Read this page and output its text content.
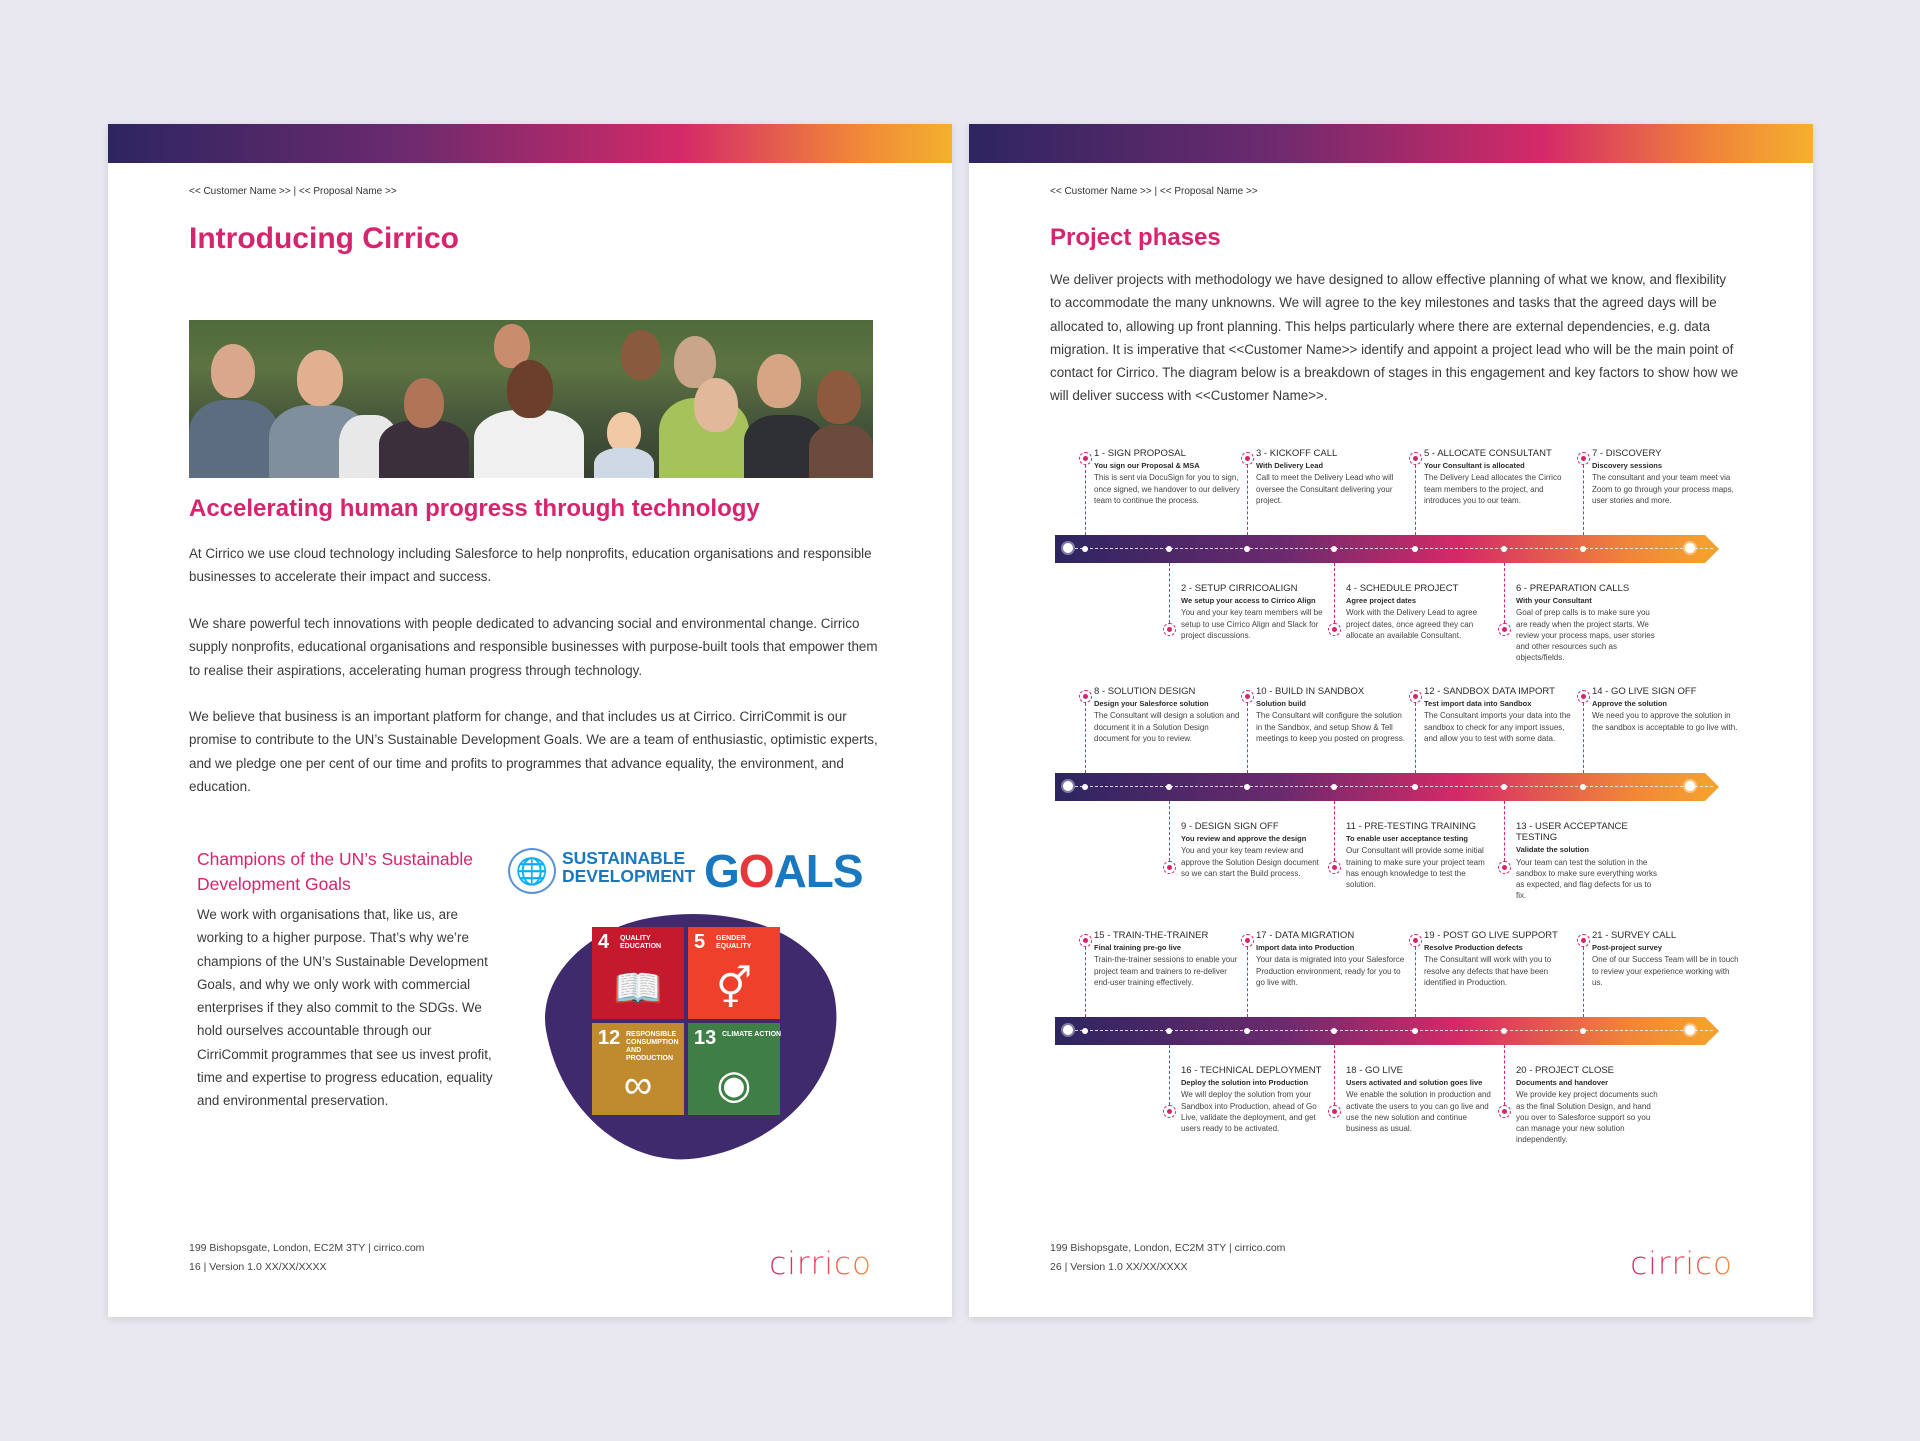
<< Customer Name >> | << Proposal Name >>
Introducing Cirrico
Accelerating human progress through technology
At Cirrico we use cloud technology including Salesforce to help nonprofits, education organisations and responsible businesses to accelerate their impact and success.
We share powerful tech innovations with people dedicated to advancing social and environmental change. Cirrico supply nonprofits, educational organisations and responsible businesses with purpose-built tools that empower them to realise their aspirations, accelerating human progress through technology.
We believe that business is an important platform for change, and that includes us at Cirrico. CirriCommit is our promise to contribute to the UN’s Sustainable Development Goals. We are a team of enthusiastic, optimistic experts, and we pledge one per cent of our time and profits to programmes that advance equality, the environment, and education.
Champions of the UN’s Sustainable Development Goals
We work with organisations that, like us, are working to a higher purpose. That’s why we’re champions of the UN’s Sustainable Development Goals, and why we only work with commercial enterprises if they also commit to the SDGs. We hold ourselves accountable through our CirriCommit programmes that see us invest profit, time and expertise to progress education, equality and environmental preservation.
🌐 SUSTAINABLE
DEVELOPMENT GOALS
4 QUALITY EDUCATION
📖
5 GENDER EQUALITY
⚥
12 RESPONSIBLE CONSUMPTION AND PRODUCTION
∞
13 CLIMATE ACTION
◉
199 Bishopsgate, London, EC2M 3TY | cirrico.com
16 | Version 1.0 XX/XX/XXXX	cirrico
<< Customer Name >> | << Proposal Name >>
Project phases
We deliver projects with methodology we have designed to allow effective planning of what we know, and flexibility to accommodate the many unknowns. We will agree to the key milestones and tasks that the agreed days will be allocated to, allowing up front planning. This helps particularly where there are external dependencies, e.g. data migration. It is imperative that <<Customer Name>> identify and appoint a project lead who will be the main point of contact for Cirrico. The diagram below is a breakdown of stages in this engagement and key factors to show how we will deliver success with <<Customer Name>>.
1 - SIGN PROPOSAL
You sign our Proposal & MSA
This is sent via DocuSign for you to sign, once signed, we handover to our delivery team to continue the process.
3 - KICKOFF CALL
With Delivery Lead
Call to meet the Delivery Lead who will oversee the Consultant delivering your project.
5 - ALLOCATE CONSULTANT
Your Consultant is allocated
The Delivery Lead allocates the Cirrico team members to the project, and introduces you to our team.
7 - DISCOVERY
Discovery sessions
The consultant and your team meet via Zoom to go through your process maps, user stories and more.
2 - SETUP CIRRICOALIGN
We setup your access to Cirrico Align
You and your key team members will be setup to use Cirrico Align and Slack for project discussions.
4 - SCHEDULE PROJECT
Agree project dates
Work with the Delivery Lead to agree project dates, once agreed they can allocate an available Consultant.
6 - PREPARATION CALLS
With your Consultant
Goal of prep calls is to make sure you are ready when the project starts. We review your process maps, user stories and other resources such as objects/fields.
8 - SOLUTION DESIGN
Design your Salesforce solution
The Consultant will design a solution and document it in a Solution Design document for you to review.
10 - BUILD IN SANDBOX
Solution build
The Consultant will configure the solution in the Sandbox, and setup Show & Tell meetings to keep you posted on progress.
12 - SANDBOX DATA IMPORT
Test import data into Sandbox
The Consultant imports your data into the sandbox to check for any import issues, and allow you to test with some data.
14 - GO LIVE SIGN OFF
Approve the solution
We need you to approve the solution in the sandbox is acceptable to go live with.
9 - DESIGN SIGN OFF
You review and approve the design
You and your key team review and approve the Solution Design document so we can start the Build process.
11 - PRE-TESTING TRAINING
To enable user acceptance testing
Our Consultant will provide some initial training to make sure your project team has enough knowledge to test the solution.
13 - USER ACCEPTANCE TESTING
Validate the solution
Your team can test the solution in the sandbox to make sure everything works as expected, and flag defects for us to fix.
15 - TRAIN-THE-TRAINER
Final training pre-go live
Train-the-trainer sessions to enable your project team and trainers to re-deliver end-user training effectively.
17 - DATA MIGRATION
Import data into Production
Your data is migrated into your Salesforce Production environment, ready for you to go live with.
19 - POST GO LIVE SUPPORT
Resolve Production defects
The Consultant will work with you to resolve any defects that have been identified in Production.
21 - SURVEY CALL
Post-project survey
One of our Success Team will be in touch to review your experience working with us.
16 - TECHNICAL DEPLOYMENT
Deploy the solution into Production
We will deploy the solution from your Sandbox into Production, ahead of Go Live, validate the deployment, and get users ready to be activated.
18 - GO LIVE
Users activated and solution goes live
We enable the solution in production and activate the users to you can go live and use the new solution and continue business as usual.
20 - PROJECT CLOSE
Documents and handover
We provide key project documents such as the final Solution Design, and hand you over to Salesforce support so you can manage your new solution independently.
199 Bishopsgate, London, EC2M 3TY | cirrico.com
26 | Version 1.0 XX/XX/XXXX	cirrico
